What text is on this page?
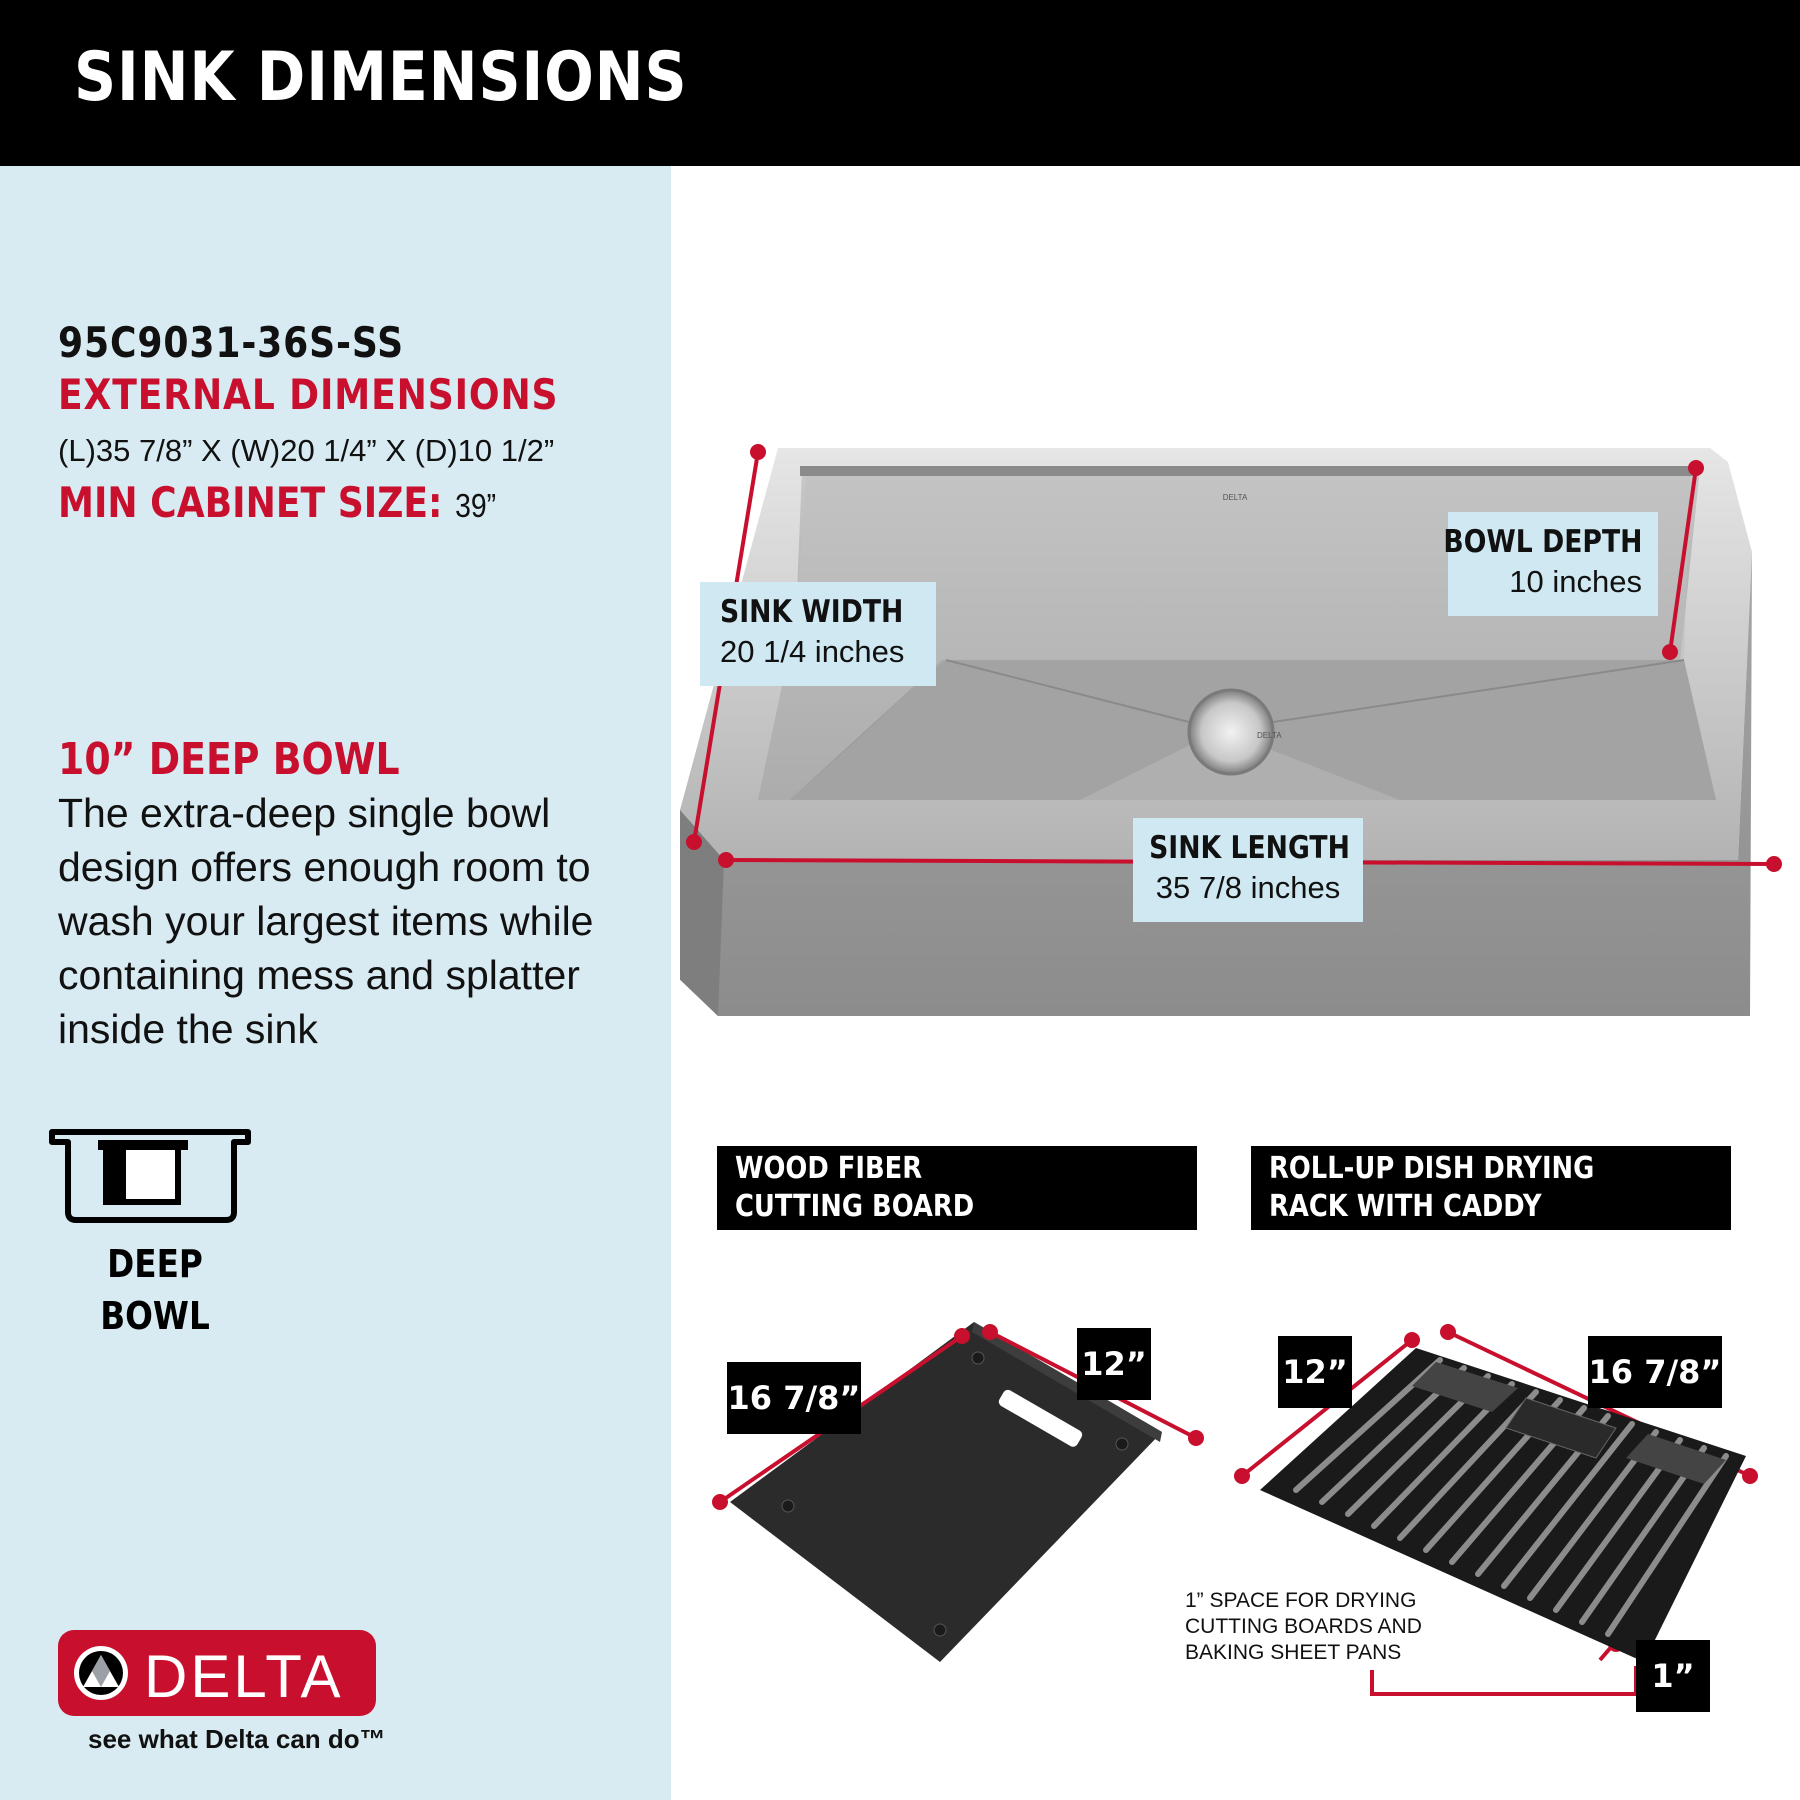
SINK DIMENSIONS
95C9031-36S-SS
EXTERNAL DIMENSIONS
(L)35 7/8” X (W)20 1/4” X (D)10 1/2”
MIN CABINET SIZE: 39”
10” DEEP BOWL
The extra-deep single bowl design offers enough room to wash your largest items while containing mess and splatter inside the sink
DEEP
BOWL
DELTA
see what Delta can do™
DELTA
DELTA
SINK WIDTH
20 1/4 inches
BOWL DEPTH
10 inches
SINK LENGTH
35 7/8 inches
WOOD FIBER
CUTTING BOARD
ROLL-UP DISH DRYING
RACK WITH CADDY
16 7/8”
12”	12”	16 7/8”
1”
1” SPACE FOR DRYING
CUTTING BOARDS AND
BAKING SHEET PANS
